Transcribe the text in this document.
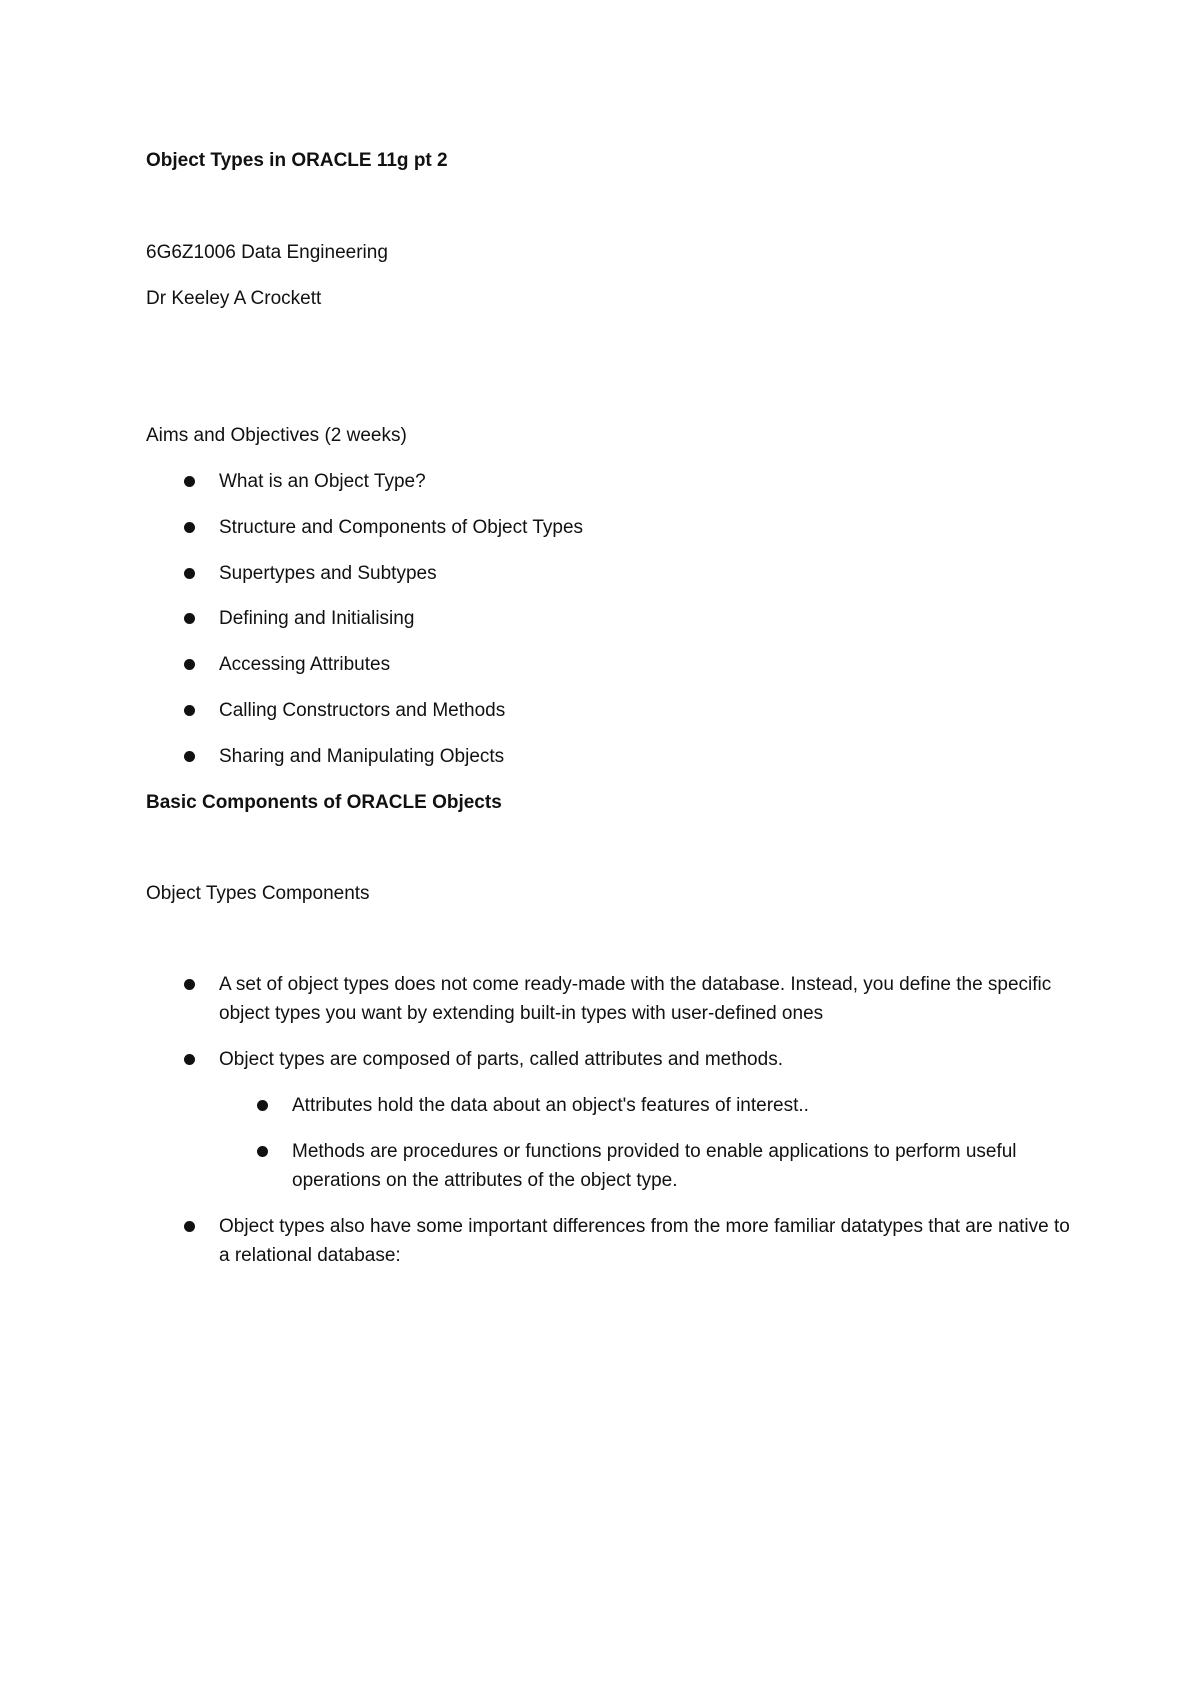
Object Types in ORACLE 11g pt 2
6G6Z1006 Data Engineering
Dr Keeley A Crockett
Aims and Objectives (2 weeks)
What is an Object Type?
Structure and Components of Object Types
Supertypes and Subtypes
Defining and Initialising
Accessing Attributes
Calling Constructors and Methods
Sharing and Manipulating Objects
Basic Components of ORACLE Objects
Object Types Components
A set of object types does not come ready-made with the database. Instead, you define the specific object types you want by extending built-in types with user-defined ones
Object types are composed of parts, called attributes and methods.
Attributes hold the data about an object's features of interest..
Methods are procedures or functions provided to enable applications to perform useful operations on the attributes of the object type.
Object types also have some important differences from the more familiar datatypes that are native to a relational database:
